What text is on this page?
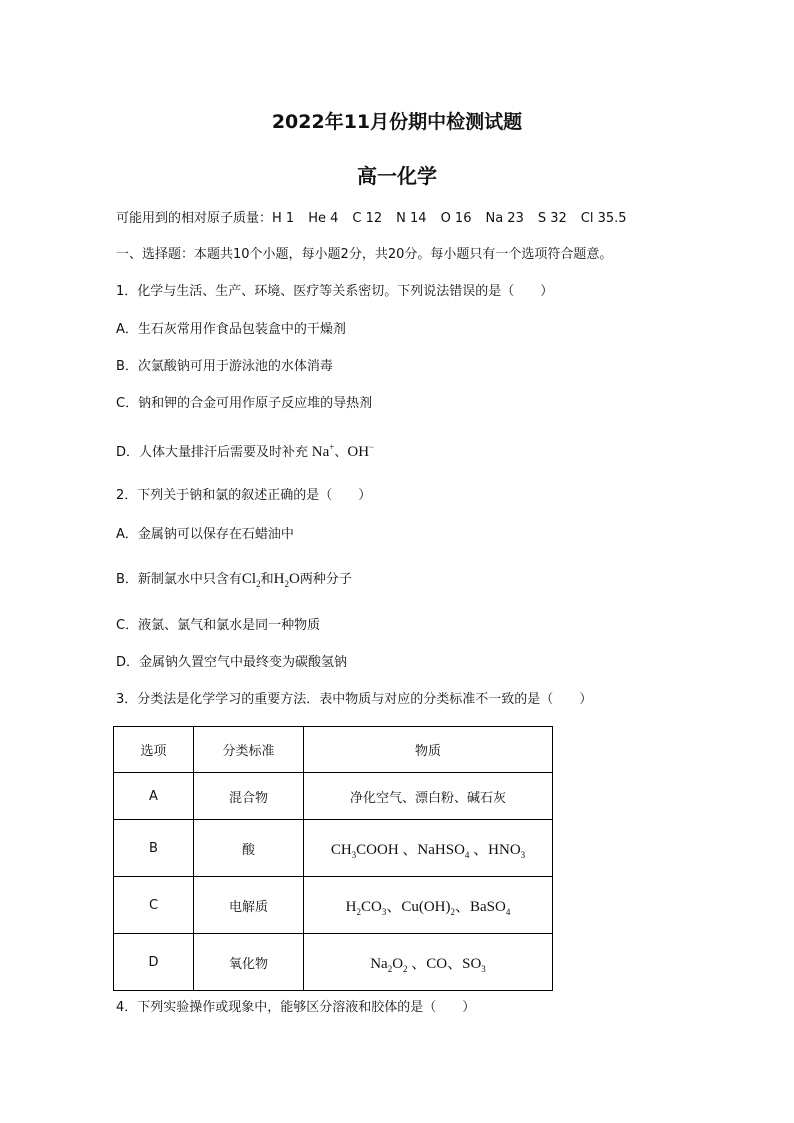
2022年11月份期中检测试题
高一化学
可能用到的相对原子质量：H 1 He 4 C 12 N 14 O 16 Na 23 S 32 Cl 35.5
一、选择题：本题共10个小题，每小题2分，共20分。每小题只有一个选项符合题意。
1．化学与生活、生产、环境、医疗等关系密切。下列说法错误的是（　　）
A．生石灰常用作食品包装盒中的干燥剂
B．次氯酸钠可用于游泳池的水体消毒
C．钠和钾的合金可用作原子反应堆的导热剂
D．人体大量排汗后需要及时补充 Na+、OH−
2．下列关于钠和氯的叙述正确的是（　　）
A．金属钠可以保存在石蜡油中
B．新制氯水中只含有$Cl_2$和$H_2O$两种分子
C．液氯、氯气和氯水是同一种物质
D．金属钠久置空气中最终变为碳酸氢钠
3．分类法是化学学习的重要方法．表中物质与对应的分类标准不一致的是（　　）
选项	分类标准	物质
A	混合物	净化空气、漂白粉、碱石灰
B	酸	$CH_3COOH$ 、NaHSO$_4$ 、$HNO_3$
C	电解质	$H_2CO_3$、$Cu(OH)_2$、BaSO$_4$
D	氧化物	$Na_2O_2$ 、CO、$SO_3$
4．下列实验操作或现象中，能够区分溶液和胶体的是（　　）
